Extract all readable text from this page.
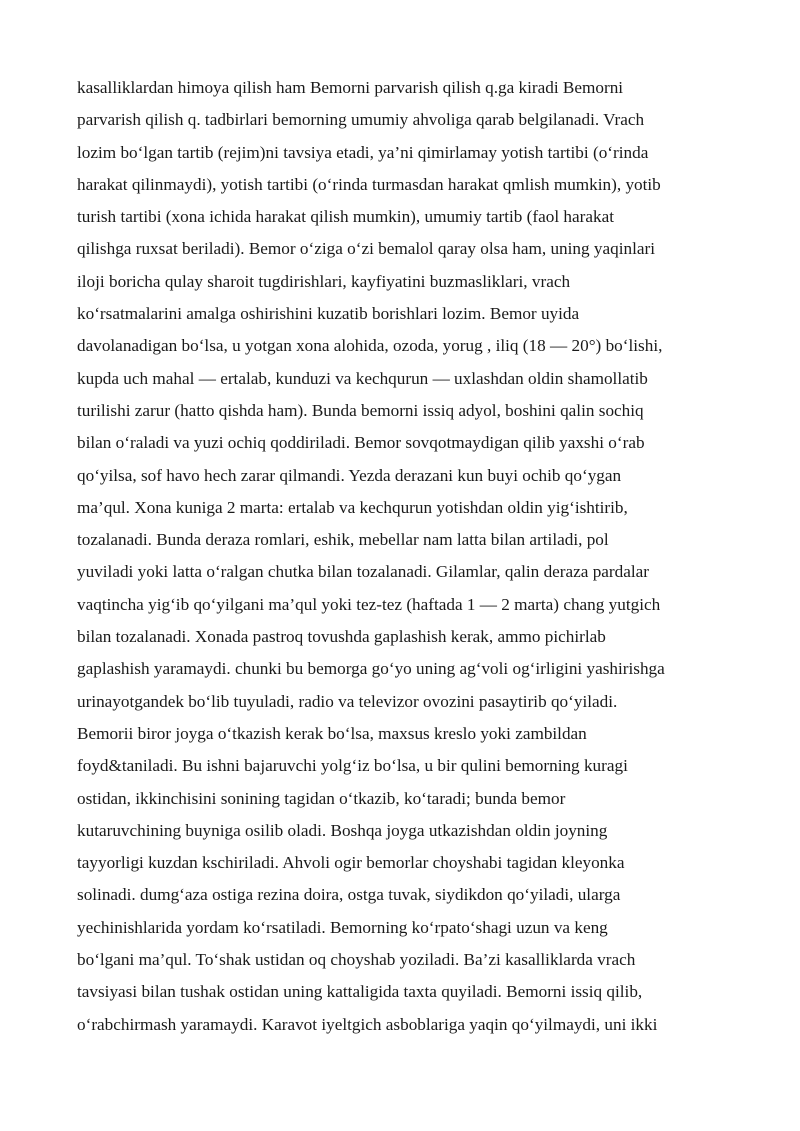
kasalliklardan himoya qilish ham Bemorni parvarish qilish q.ga kiradi Bemorni
parvarish qilish q. tadbirlari bemorning umumiy ahvoliga qarab belgilanadi. Vrach
lozim bo‘lgan tartib (rejim)ni tavsiya etadi, ya’ni qimirlamay yotish tartibi (o‘rinda
harakat qilinmaydi), yotish tartibi (o‘rinda turmasdan harakat qmlish mumkin), yotib
turish tartibi (xona ichida harakat qilish mumkin), umumiy tartib (faol harakat
qilishga ruxsat beriladi). Bemor o‘ziga o‘zi bemalol qaray olsa ham, uning yaqinlari
iloji boricha qulay sharoit tugdirishlari, kayfiyatini buzmasliklari, vrach
ko‘rsatmalarini amalga oshirishini kuzatib borishlari lozim. Bemor uyida
davolanadigan bo‘lsa, u yotgan xona alohida, ozoda, yorug , iliq (18 — 20°) bo‘lishi,
kupda uch mahal — ertalab, kunduzi va kechqurun — uxlashdan oldin shamollatib
turilishi zarur (hatto qishda ham). Bunda bemorni issiq adyol, boshini qalin sochiq
bilan o‘raladi va yuzi ochiq qoddiriladi. Bemor sovqotmaydigan qilib yaxshi o‘rab
qo‘yilsa, sof havo hech zarar qilmandi. Yezda derazani kun buyi ochib qo‘ygan
ma’qul. Xona kuniga 2 marta: ertalab va kechqurun yotishdan oldin yig‘ishtirib,
tozalanadi. Bunda deraza romlari, eshik, mebellar nam latta bilan artiladi, pol
yuviladi yoki latta o‘ralgan chutka bilan tozalanadi. Gilamlar, qalin deraza pardalar
vaqtincha yig‘ib qo‘yilgani ma’qul yoki tez-tez (haftada 1 — 2 marta) chang yutgich
bilan tozalanadi. Xonada pastroq tovushda gaplashish kerak, ammo pichirlab
gaplashish yaramaydi. chunki bu bemorga go‘yo uning ag‘voli og‘irligini yashirishga
urinayotgandek bo‘lib tuyuladi, radio va televizor ovozini pasaytirib qo‘yiladi.
Bemorii biror joyga o‘tkazish kerak bo‘lsa, maxsus kreslo yoki zambildan
foyd&taniladi. Bu ishni bajaruvchi yolg‘iz bo‘lsa, u bir qulini bemorning kuragi
ostidan, ikkinchisini sonining tagidan o‘tkazib, ko‘taradi; bunda bemor
kutaruvchining buyniga osilib oladi. Boshqa joyga utkazishdan oldin joyning
tayyorligi kuzdan kschiriladi. Ahvoli ogir bemorlar choyshabi tagidan kleyonka
solinadi. dumg‘aza ostiga rezina doira, ostga tuvak, siydikdon qo‘yiladi, ularga
yechinishlarida yordam ko‘rsatiladi. Bemorning ko‘rpato‘shagi uzun va keng
bo‘lgani ma’qul. To‘shak ustidan oq choyshab yoziladi. Ba’zi kasalliklarda vrach
tavsiyasi bilan tushak ostidan uning kattaligida taxta quyiladi. Bemorni issiq qilib,
o‘rabchirmash yaramaydi. Karavot iyeltgich asboblariga yaqin qo‘yilmaydi, uni ikki
